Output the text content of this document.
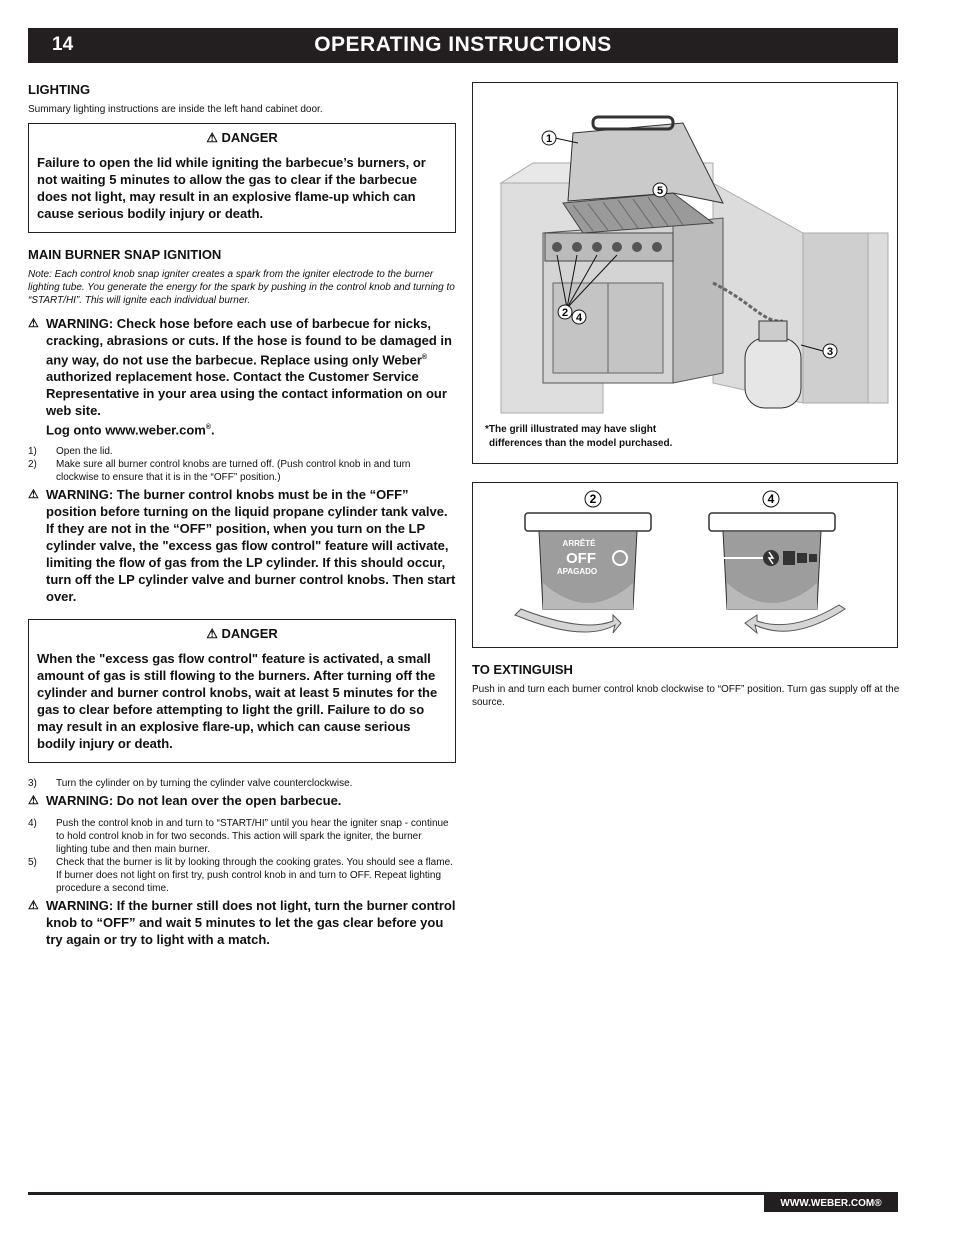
14	OPERATING INSTRUCTIONS
LIGHTING

Summary lighting instructions are inside the left hand cabinet door.

⚠ DANGER
Failure to open the lid while igniting the barbecue’s burners, or not waiting 5 minutes to allow the gas to clear if the barbecue does not light, may result in an explosive flame-up which can cause serious bodily injury or death.
MAIN BURNER SNAP IGNITION

Note: Each control knob snap igniter creates a spark from the igniter electrode to the burner lighting tube. You generate the energy for the spark by pushing in the control knob and turning to “START/HI”. This will ignite each individual burner.

⚠ WARNING: Check hose before each use of barbecue for nicks, cracking, abrasions or cuts. If the hose is found to be damaged in any way, do not use the barbecue. Replace using only Weber® authorized replacement hose. Contact the Customer Service Representative in your area using the contact information on our web site.
Log onto www.weber.com®.
1) Open the lid.
2) Make sure all burner control knobs are turned off. (Push control knob in and turn clockwise to ensure that it is in the “OFF” position.)
⚠ WARNING: The burner control knobs must be in the “OFF” position before turning on the liquid propane cylinder tank valve. If they are not in the “OFF” position, when you turn on the LP cylinder valve, the "excess gas flow control" feature will activate, limiting the flow of gas from the LP cylinder. If this should occur, turn off the LP cylinder valve and burner control knobs. Then start over.
⚠ DANGER
When the "excess gas flow control" feature is activated, a small amount of gas is still flowing to the burners. After turning off the cylinder and burner control knobs, wait at least 5 minutes for the gas to clear before attempting to light the grill. Failure to do so may result in an explosive flare-up, which can cause serious bodily injury or death.
3) Turn the cylinder on by turning the cylinder valve counterclockwise.
⚠ WARNING: Do not lean over the open barbecue.
4) Push the control knob in and turn to “START/HI” until you hear the igniter snap - continue to hold control knob in for two seconds. This action will spark the igniter, the burner lighting tube and then main burner.
5) Check that the burner is lit by looking through the cooking grates. You should see a flame. If burner does not light on first try, push control knob in and turn to OFF. Repeat lighting procedure a second time.
⚠ WARNING: If the burner still does not light, turn the burner control knob to “OFF” and wait 5 minutes to let the gas clear before you try again or try to light with a match.
1
5
2 4
3
*The grill illustrated may have slight
differences than the model purchased.
ARRÊTÉ
OFF
APAGADO
2	4
TO EXTINGUISH

Push in and turn each burner control knob clockwise to “OFF” position. Turn gas supply off at the source.

WWW.WEBER.COM®
